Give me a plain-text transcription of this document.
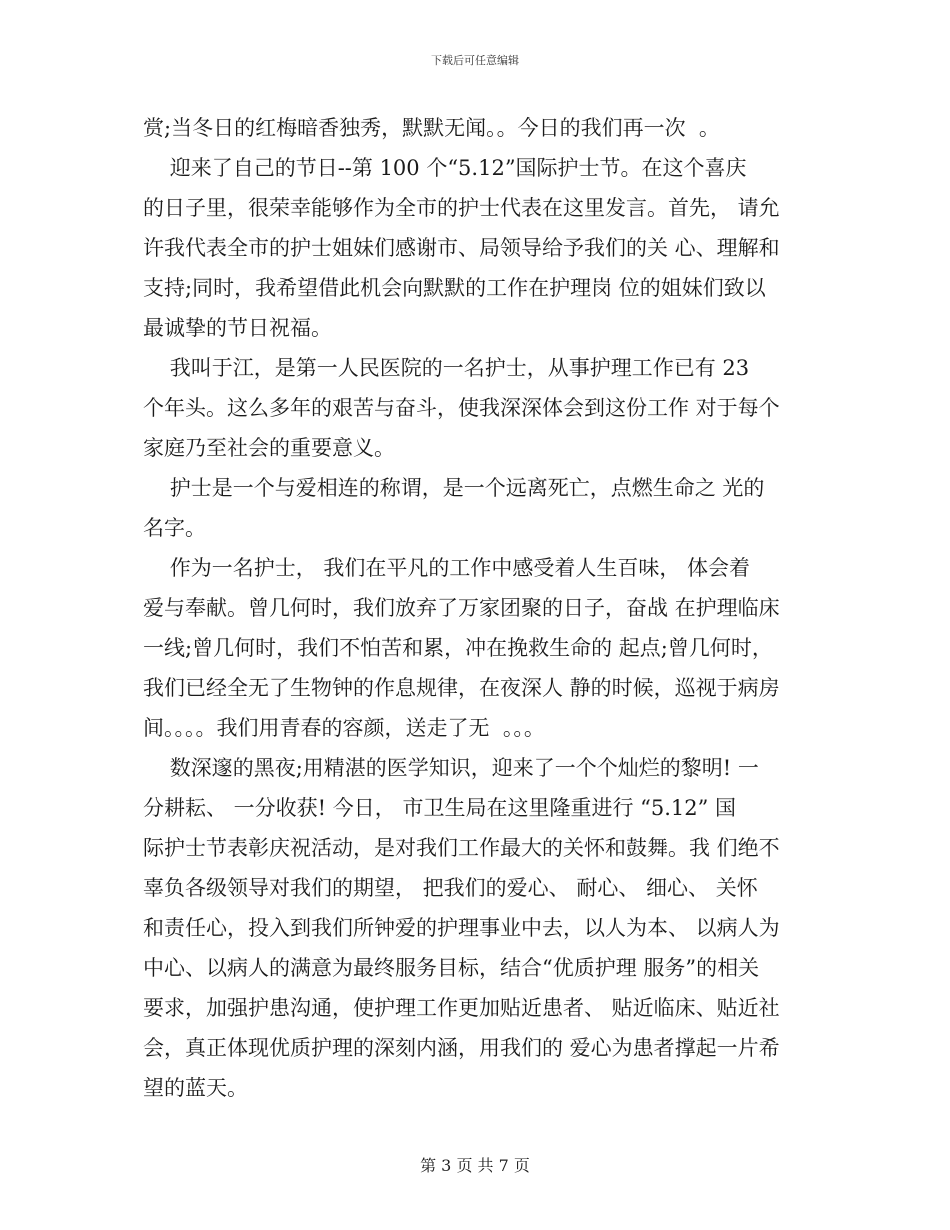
下载后可任意编辑
赏;当冬日的红梅暗香独秀，默默无闻。。今日的我们再一次  。
迎来了自己的节日--第 100 个“5.12”国际护士节。在这个喜庆
的日子里，很荣幸能够作为全市的护士代表在这里发言。首先， 请允
许我代表全市的护士姐妹们感谢市、局领导给予我们的关 心、理解和
支持;同时，我希望借此机会向默默的工作在护理岗 位的姐妹们致以
最诚挚的节日祝福。
我叫于江，是第一人民医院的一名护士，从事护理工作已有 23
个年头。这么多年的艰苦与奋斗，使我深深体会到这份工作 对于每个
家庭乃至社会的重要意义。
护士是一个与爱相连的称谓，是一个远离死亡，点燃生命之 光的
名字。
作为一名护士， 我们在平凡的工作中感受着人生百味， 体会着
爱与奉献。曾几何时，我们放弃了万家团聚的日子，奋战 在护理临床
一线;曾几何时，我们不怕苦和累，冲在挽救生命的 起点;曾几何时，
我们已经全无了生物钟的作息规律，在夜深人 静的时候，巡视于病房
间。。。。我们用青春的容颜，送走了无  。。。
数深邃的黑夜;用精湛的医学知识，迎来了一个个灿烂的黎明! 一
分耕耘、 一分收获! 今日， 市卫生局在这里隆重进行 “5.12” 国
际护士节表彰庆祝活动，是对我们工作最大的关怀和鼓舞。我 们绝不
辜负各级领导对我们的期望， 把我们的爱心、 耐心、 细心、 关怀
和责任心，投入到我们所钟爱的护理事业中去，以人为本、 以病人为
中心、以病人的满意为最终服务目标，结合“优质护理 服务”的相关
要求，加强护患沟通，使护理工作更加贴近患者、 贴近临床、贴近社
会，真正体现优质护理的深刻内涵，用我们的 爱心为患者撑起一片希
望的蓝天。
第 3 页 共 7 页
